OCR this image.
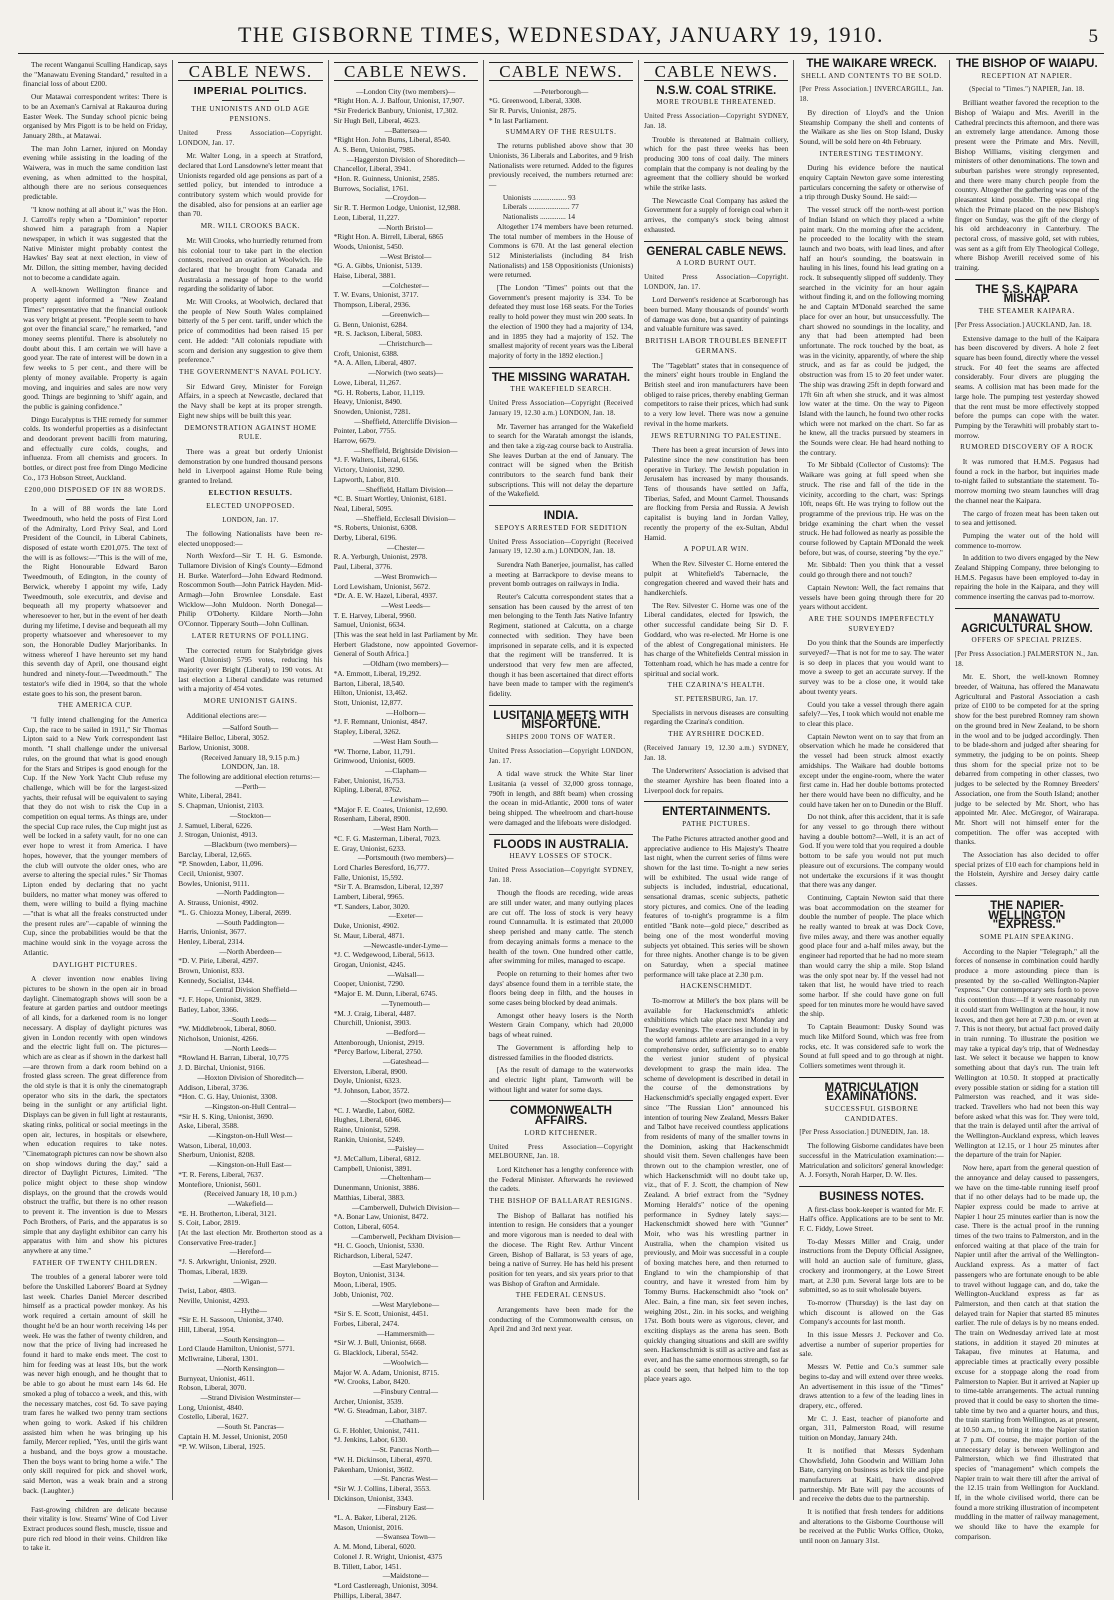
THE GISBORNE TIMES, WEDNESDAY, JANUARY 19, 1910.	5

The recent Wanganui Sculling Handicap, says the "Manawatu Evening Standard," resulted in a financial loss of about £200.

Our Matawai correspondent writes: There is to be an Axeman's Carnival at Rakauroa during Easter Week. The Sunday school picnic being organised by Mrs Pigott is to be held on Friday, January 28th., at Matawai.

The man John Larner, injured on Monday evening while assisting in the loading of the Waiwera, was in much the same condition last evening, as when admitted to the hospital, although there are no serious consequences predictable.

"I know nothing at all about it," was the Hon. J. Carroll's reply when a "Dominion" reporter showed him a paragraph from a Napier newspaper, in which it was suggested that the Native Minister might probably contest the Hawkes' Bay seat at next election, in view of Mr. Dillon, the sitting member, having decided not to become a candidate again.

A well-known Wellington finance and property agent informed a "New Zealand Times" representative that the financial outlook was very bright at present. "People seem to have got over the financial scare," he remarked, "and money seems plentiful. There is absolutely no doubt about this. I am certain we will have a good year. The rate of interest will be down in a few weeks to 5 per cent., and there will be plenty of money available. Property is again moving, and inquiries and sales are now very good. Things are beginning to 'shift' again, and the public is gaining confidence."

Dingo Eucalyptus is THE remedy for summer colds. Its wonderful properties as a disinfectant and deodorant prevent bacilli from maturing, and effectually cure colds, coughs, and influenza. From all chemists and grocers. In bottles, or direct post free from Dingo Medicine Co., 173 Hobson Street, Auckland.

£200,000 DISPOSED OF IN 88 WORDS.

In a will of 88 words the late Lord Tweedmouth, who held the posts of First Lord of the Admiralty, Lord Privy Seal, and Lord President of the Council, in Liberal Cabinets, disposed of estate worth £201,075. The text of the will is as follows:—"This is the will of me, the Right Honourable Edward Baron Tweedmouth, of Edington, in the county of Berwick, whereby I appoint my wife, Lady Tweedmouth, sole executrix, and devise and bequeath all my property whatsoever and wheresoever to her, but in the event of her death during my lifetime, I devise and bequeath all my property whatsoever and wheresoever to my son, the Honorable Dudley Marjoribanks. In witness whereof I have hereunto set my hand this seventh day of April, one thousand eight hundred and ninety-four.—Tweedmouth." The testator's wife died in 1904, so that the whole estate goes to his son, the present baron.

THE AMERICA CUP.

"I fully intend challenging for the America Cup, the race to be sailed in 1911," Sir Thomas Lipton said to a New York correspondent last month. "I shall challenge under the universal rules, on the ground that what is good enough for the Stars and Stripes is good enough for the Cup. If the New York Yacht Club refuse my challenge, which will be for the largest-sized yachts, their refusal will be equivalent to saying that they do not wish to risk the Cup in a competition on equal terms. As things are, under the special Cup race rules, the Cup might just as well be locked in a safety vault, for no one can ever hope to wrest it from America. I have hopes, however, that the younger members of the club will outvote the older ones, who are averse to altering the special rules." Sir Thomas Lipton ended by declaring that no yacht builders, no matter what money was offered to them, were willing to build a flying machine—"that is what all the freaks constructed under the present rules are"—capable of winning the Cup, since the probabilities would be that the machine would sink in the voyage across the Atlantic.

DAYLIGHT PICTURES.

A clever invention now enables living pictures to be shown in the open air in broad daylight. Cinematograph shows will soon be a feature at garden parties and outdoor meetings of all kinds, for a darkened room is no longer necessary. A display of daylight pictures was given in London recently with open windows and the electric light full on. The pictures—which are as clear as if shown in the darkest hall—are thrown from a dark room behind on a frosted glass screen. The great difference from the old style is that it is only the cinematograph operator who sits in the dark, the spectators being in the sunlight or any artificial light. Displays can be given in full light at restaurants, skating rinks, political or social meetings in the open air, lectures, in hospitals or elsewhere, when education requires to take notes. "Cinematograph pictures can now be shown also on shop windows during the day," said a director of Daylight Pictures, Limited. "The police might object to these shop window displays, on the ground that the crowds would obstruct the traffic, but there is no other reason to prevent it. The invention is due to Messrs Poch Brothers, of Paris, and the apparatus is so simple that any daylight exhibitor can carry his apparatus with him and show his pictures anywhere at any time."

FATHER OF TWENTY CHILDREN.

The troubles of a general laborer were told before the Unskilled Laborers' Board at Sydney last week. Charles Daniel Mercer described himself as a practical powder monkey. As his work required a certain amount of skill he thought he'd be an hour worth receiving 14s per week. He was the father of twenty children, and now that the price of living had increased he found it hard to make ends meet. The cost to him for feeding was at least 10s, but the work was never high enough, and he thought that to be able to go about he must earn 14s 6d. He smoked a plug of tobacco a week, and this, with the necessary matches, cost 6d. To save paying tram fares he walked two penny tram sections when going to work. Asked if his children assisted him when he was bringing up his family, Mercer replied, "Yes, until the girls want a husband, and the boys grow a moustache. Then the boys want to bring home a wife." The only skill required for pick and shovel work, said Merton, was a weak brain and a strong back. (Laughter.)

Fast-growing children are delicate because their vitality is low. Stearns' Wine of Cod Liver Extract produces sound flesh, muscle, tissue and pure rich red blood in their veins. Children like to take it.

CABLE NEWS.
IMPERIAL POLITICS.
THE UNIONISTS AND OLD AGE PENSIONS.

United Press Association—Copyright. LONDON, Jan. 17.

Mr. Walter Long, in a speech at Stratford, declared that Lord Lansdowne's letter meant that Unionists regarded old age pensions as part of a settled policy, but intended to introduce a contributory system which would provide for the disabled, also for pensions at an earlier age than 70.

MR. WILL CROOKS BACK.

Mr. Will Crooks, who hurriedly returned from his colonial tour to take part in the election contests, received an ovation at Woolwich. He declared that he brought from Canada and Australasia a message of hope to the world regarding the solidarity of labor.

Mr. Will Crooks, at Woolwich, declared that the people of New South Wales complained bitterly of the 5 per cent. tariff, under which the price of commodities had been raised 15 per cent. He added: "All colonials repudiate with scorn and derision any suggestion to give them preference."

THE GOVERNMENT'S NAVAL POLICY.

Sir Edward Grey, Minister for Foreign Affairs, in a speech at Newcastle, declared that the Navy shall be kept at its proper strength. Eight new ships will be built this year.

DEMONSTRATION AGAINST HOME RULE.

There was a great but orderly Unionist demonstration by one hundred thousand persons held in Liverpool against Home Rule being granted to Ireland.

ELECTION RESULTS.
ELECTED UNOPPOSED.

LONDON, Jan. 17.

The following Nationalists have been re-elected unopposed:—

North Wexford—Sir T. H. G. Esmonde. Tullamore Division of King's County—Edmond H. Burke. Waterford—John Edward Redmond. Roscommon South—John Patrick Hayden. Mid-Armagh—John Brownlee Lonsdale. East Wicklow—John Muldoon. North Donegal—Philip O'Doherty. Kildare North—John O'Connor. Tipperary South—John Cullinan.

LATER RETURNS OF POLLING.

The corrected return for Stalybridge gives Ward (Unionist) 5795 votes, reducing his majority over Bright (Liberal) to 190 votes. At last election a Liberal candidate was returned with a majority of 454 votes.

MORE UNIONIST GAINS.

Additional elections are:—

—Salford South—
*Hilaire Belloc, Liberal, 3052.
Barlow, Unionist, 3008.
(Received January 18, 9.15 p.m.)
LONDON, Jan. 18.
The following are additional election returns:—
—Perth—
White, Liberal, 2841.
S. Chapman, Unionist, 2103.
—Stockton—
J. Samuel, Liberal, 6226.
J. Strogan, Unionist, 4913.
—Blackburn (two members)—
Barclay, Liberal, 12,665.
*P. Snowden, Labor, 11,096.
Cecil, Unionist, 9307.
Bowles, Unionist, 9111.
—North Paddington—
A. Strauss, Unionist, 4902.
*L. G. Chiozza Money, Liberal, 2699.
—South Paddington—
Harris, Unionist, 3677.
Henley, Liberal, 2314.
—North Aberdeen—
*D. V. Pirie, Liberal, 4297.
Brown, Unionist, 833.
Kennedy, Socialist, 1344.
—Central Division Sheffield—
*J. F. Hope, Unionist, 3829.
Batley, Labor, 3366.
—South Leeds—
*W. Middlebrook, Liberal, 8060.
Nicholson, Unionist, 4266.
—North Leeds—
*Rowland H. Barran, Liberal, 10,775
J. D. Birchal, Unionist, 9166.
—Hoxton Division of Shoreditch—
Addison, Liberal, 3736.
*Hon. C. G. Hay, Unionist, 3308.
—Kingston-on-Hull Central—
*Sir H. S. King, Unionist, 3690.
Aske, Liberal, 3588.
—Kingston-on-Hull West—
Watson, Liberal, 10,003.
Sherburn, Unionist, 8208.
—Kingston-on-Hull East—
*T. R. Ferens, Liberal, 7637.
Montefiore, Unionist, 5601.
(Received January 18, 10 p.m.)
—Wakefield—
*E. H. Brotherton, Liberal, 3121.
S. Coit, Labor, 2819.
[At the last election Mr. Brotherton stood as a Conservative Free-trader.]
—Hereford—
*J. S. Arkwright, Unionist, 2920.
Thomas, Liberal, 1839.
—Wigan—
Twist, Labor, 4803.
Neville, Unionist, 4293.
—Hythe—
*Sir E. H. Sassoon, Unionist, 3740.
Hill, Liberal, 1954.
—South Kensington—
Lord Claude Hamilton, Unionist, 5771.
McIlwraine, Liberal, 1301.
—North Kensington—
Burnyeat, Unionist, 4611.
Robson, Liberal, 3070.
—Strand Division Westminster—
Long, Unionist, 4840.
Costello, Liberal, 1627.
—South St. Pancras—
Captain H. M. Jessel, Unionist, 2050
*P. W. Wilson, Liberal, 1925.
CABLE NEWS.
—London City (two members)—
*Right Hon. A. J. Balfour, Unionist, 17,907.
*Sir Frederick Banbury, Unionist, 17,302.
Sir Hugh Bell, Liberal, 4623.
—Battersea—
*Right Hon. John Burns, Liberal, 8540.
A. S. Benn, Unionist, 7985.
—Haggerston Division of Shoreditch—
Chancellor, Liberal, 3941.
*Hon. R. Guinness, Unionist, 2585.
Burrows, Socialist, 1761.
—Croydon—
Sir R. T. Hermon Lodge, Unionist, 12,988.
Leon, Liberal, 11,227.
—North Bristol—
*Right Hon. A. Birrell, Liberal, 6865
Woods, Unionist, 5450.
—West Bristol—
*G. A. Gibbs, Unionist, 5139.
Haise, Liberal, 3881.
—Colchester—
T. W. Evans, Unionist, 3717.
Thompson, Liberal, 2936.
—Greenwich—
G. Benn, Unionist, 6284.
*R. S. Jackson, Liberal, 5083.
—Christchurch—
Croft, Unionist, 6388.
*A. A. Allen, Liberal, 4807.
—Norwich (two seats)—
Lowe, Liberal, 11,267.
*G. H. Roberts, Labor, 11,119.
Heavy, Unionist, 8490.
Snowden, Unionist, 7281.
—Sheffield, Attercliffe Division—
Pointer, Labor, 7755.
Harrow, 6679.
—Sheffield, Brightside Division—
*J. F. Walters, Liberal, 6156.
Victory, Unionist, 3290.
Lapworth, Labor, 810.
—Sheffield, Hallam Division—
*C. B. Stuart Wortley, Unionist, 6181.
Neal, Liberal, 5095.
—Sheffield, Ecclesall Division—
*S. Roberts, Unionist, 6308.
Derby, Liberal, 6196.
—Chester—
R. A. Yerburgh, Unionist, 2978.
Paul, Liberal, 3776.
—West Bromwich—
Lord Lewisham, Unionist, 5672.
*Dr. A. E. W. Hazel, Liberal, 4937.
—West Leeds—
T. E. Harvey, Liberal, 9960.
Samuel, Unionist, 6634.
[This was the seat held in last Parliament by Mr. Herbert Gladstone, now appointed Governor-General of South Africa.]
—Oldham (two members)—
*A. Emmott, Liberal, 19,292.
Barton, Liberal, 18,540.
Hilton, Unionist, 13,462.
Stott, Unionist, 12,877.
—Holborn—
*J. F. Remnant, Unionist, 4847.
Stapley, Liberal, 3262.
—West Ham South—
*W. Thorne, Labor, 11,791.
Grimwood, Unionist, 6009.
—Clapham—
Faber, Unionist, 16,753.
Kipling, Liberal, 8762.
—Lewisham—
*Major F. E. Coates, Unionist, 12,690.
Rosenham, Liberal, 8900.
—West Ham North—
*C. F. G. Masterman, Liberal, 7023.
E. Gray, Unionist, 6233.
—Portsmouth (two members)—
Lord Charles Beresford, 16,777.
Falle, Unionist, 15,592.
*Sir T. A. Bramsdon, Liberal, 12,397
Lambert, Liberal, 9965.
*T. Sanders, Labor, 3020.
—Exeter—
Duke, Unionist, 4902.
St. Maur, Liberal, 4871.
—Newcastle-under-Lyme—
*J. C. Wedgewood, Liberal, 5613.
Grogan, Unionist, 4245.
—Walsall—
Cooper, Unionist, 7290.
*Major E. M. Dunn, Liberal, 6745.
—Tynemouth—
*M. J. Craig, Liberal, 4487.
Churchill, Unionist, 3903.
—Bedford—
Attenborough, Unionist, 2919.
*Percy Barlow, Liberal, 2750.
—Gateshead—
Elverston, Liberal, 8900.
Doyle, Unionist, 6323.
*J. Johnson, Labor, 3572.
—Stockport (two members)—
*C. J. Wardle, Labor, 6082.
Hughes, Liberal, 6046.
Raine, Unionist, 5298.
Rankin, Unionist, 5249.
—Paisley—
*J. McCallum, Liberal, 6812.
Campbell, Unionist, 3891.
—Cheltenham—
Dunenmann, Unionist, 3886.
Matthias, Liberal, 3883.
—Camberwell, Dulwich Division—
*A. Bonar Law, Unionist, 8472.
Cotton, Liberal, 6054.
—Camberwell, Peckham Division—
*H. C. Gooch, Unionist, 5330.
Richardson, Liberal, 5247.
—East Marylebone—
Boyton, Unionist, 3134.
Moon, Liberal, 1905.
Jobb, Unionist, 702.
—West Marylebone—
*Sir S. E. Scott, Unionist, 4451.
Forbes, Liberal, 2474.
—Hammersmith—
*Sir W. J. Bull, Unionist, 6668.
G. Blacklock, Liberal, 5542.
—Woolwich—
Major W. A. Adam, Unionist, 8715.
*W. Crooks, Labor, 8420.
—Finsbury Central—
Archer, Unionist, 3539.
*W. G. Steadman, Labor, 3187.
—Chatham—
G. F. Hohler, Unionist, 7411.
*J. Jenkins, Labor, 6130.
—St. Pancras North—
*W. H. Dickinson, Liberal, 4970.
Pakenham, Unionist, 3602.
—St. Pancras West—
*Sir W. J. Collins, Liberal, 3553.
Dickinson, Unionist, 3343.
—Finsbury East—
*L. A. Baker, Liberal, 2126.
Mason, Unionist, 2016.
—Swansea Town—
A. M. Mond, Liberal, 6020.
Colonel J. R. Wright, Unionist, 4375
B. Tillett, Labor, 1451.
—Maidstone—
*Lord Castlereagh, Unionist, 3094.
Phillips, Liberal, 3847.
CABLE NEWS.
—Peterborough—
*G. Greenwood, Liberal, 3308.
Sir R. Purvis, Unionist, 2875.
* In last Parliament.
SUMMARY OF THE RESULTS.

The returns published above show that 30 Unionists, 36 Liberals and Laborites, and 9 Irish Nationalists were returned. Added to the figures previously received, the numbers returned are:—

Unionists .................. 93
Liberals ...................... 77
Nationalists .............. 14

Altogether 174 members have been returned. The total number of members in the House of Commons is 670. At the last general election 512 Ministerialists (including 84 Irish Nationalists) and 158 Oppositionists (Unionists) were returned.

[The London "Times" points out that the Government's present majority is 334. To be defeated they must lose 168 seats. For the Tories really to hold power they must win 200 seats. In the election of 1900 they had a majority of 134, and in 1895 they had a majority of 152. The smallest majority of recent years was the Liberal majority of forty in the 1892 election.]

THE MISSING WARATAH.
THE WAKEFIELD SEARCH.

United Press Association—Copyright (Received January 19, 12.30 a.m.) LONDON, Jan. 18.

Mr. Taverner has arranged for the Wakefield to search for the Waratah amongst the islands, and then take a zig-zag course back to Australia. She leaves Durban at the end of January. The contract will be signed when the British contributors to the search fund bank their subscriptions. This will not delay the departure of the Wakefield.

INDIA.
SEPOYS ARRESTED FOR SEDITION

United Press Association—Copyright (Received January 19, 12.30 a.m.) LONDON, Jan. 18.

Surendra Nath Banerjee, journalist, has called a meeting at Barrackpore to devise means to prevent bomb outrages on railways in India.

Reuter's Calcutta correspondent states that a sensation has been caused by the arrest of ten men belonging to the Tenth Jats Native Infantry Regiment, stationed at Calcutta, on a charge connected with sedition. They have been imprisoned in separate cells, and it is expected that the regiment will be transferred. It is understood that very few men are affected, though it has been ascertained that direct efforts have been made to tamper with the regiment's fidelity.

LUSITANIA MEETS WITH MISFORTUNE.
SHIPS 2000 TONS OF WATER.

United Press Association—Copyright LONDON, Jan. 17.

A tidal wave struck the White Star liner Lusitania (a vessel of 32,000 gross tonnage, 790ft in length, and 88ft beam) when crossing the ocean in mid-Atlantic, 2000 tons of water being shipped. The wheelroom and chart-house were damaged and the lifeboats were dislodged.

FLOODS IN AUSTRALIA.
HEAVY LOSSES OF STOCK.

United Press Association—Copyright SYDNEY, Jan. 18.

Though the floods are receding, wide areas are still under water, and many outlying places are cut off. The loss of stock is very heavy round Cunnamulla. It is estimated that 20,000 sheep perished and many cattle. The stench from decaying animals forms a menace to the health of the town. One hundred other cattle, after swimming for miles, managed to escape.

People on returning to their homes after two days' absence found them in a terrible state, the floors being deep in filth, and the houses in some cases being blocked by dead animals.

Amongst other heavy losers is the North Western Grain Company, which had 20,000 bags of wheat ruined.

The Government is affording help to distressed families in the flooded districts.

[As the result of damage to the waterworks and electric light plant, Tamworth will be without light and water for some days.

COMMONWEALTH AFFAIRS.
LORD KITCHENER.

United Press Association—Copyright MELBOURNE, Jan. 18.

Lord Kitchener has a lengthy conference with the Federal Minister. Afterwards he reviewed the cadets.

THE BISHOP OF BALLARAT RESIGNS.

The Bishop of Ballarat has notified his intention to resign. He considers that a younger and more vigorous man is needed to deal with the diocese. The Right Rev. Arthur Vincent Green, Bishop of Ballarat, is 53 years of age, being a native of Surrey. He has held his present position for ten years, and six years prior to that was Bishop of Grafton and Armidale.

THE FEDERAL CENSUS.

Arrangements have been made for the conducting of the Commonwealth census, on April 2nd and 3rd next year.

CABLE NEWS.
N.S.W. COAL STRIKE.
MORE TROUBLE THREATENED.

United Press Association—Copyright SYDNEY, Jan. 18.

Trouble is threatened at Balmain colliery, which for the past three weeks has been producing 300 tons of coal daily. The miners complain that the company is not dealing by the agreement that the colliery should be worked while the strike lasts.

The Newcastle Coal Company has asked the Government for a supply of foreign coal when it arrives, the company's stock being almost exhausted.

GENERAL CABLE NEWS.
A LORD BURNT OUT.

United Press Association—Copyright. LONDON, Jan. 17.

Lord Derwent's residence at Scarborough has been burned. Many thousands of pounds' worth of damage was done, but a quantity of paintings and valuable furniture was saved.

BRITISH LABOR TROUBLES BENEFIT GERMANS.

The "Tageblatt" states that in consequence of the miners' eight hours trouble in England the British steel and iron manufacturers have been obliged to raise prices, thereby enabling German competitors to raise their prices, which had sunk to a very low level. There was now a genuine revival in the home markets.

JEWS RETURNING TO PALESTINE.

There has been a great incursion of Jews into Palestine since the new constitution has been operative in Turkey. The Jewish population in Jerusalem has increased by many thousands. Tens of thousands have settled on Jaffa, Tiberias, Safed, and Mount Carmel. Thousands are flocking from Persia and Russia. A Jewish capitalist is buying land in Jordan Valley, recently the property of the ex-Sultan, Abdul Hamid.

A POPULAR WIN.

When the Rev. Silvester C. Horne entered the pulpit at Whitefield's Tabernacle, the congregation cheered and waved their hats and handkerchiefs.

The Rev. Silvester C. Horne was one of the Liberal candidates, elected for Ipswich, the other successful candidate being Sir D. F. Goddard, who was re-elected. Mr Horne is one of the ablest of Congregational ministers. He has charge of the Whitefields Central mission in Tottenham road, which he has made a centre for spiritual and social work.

THE CZARINA'S HEALTH.

ST. PETERSBURG, Jan. 17.

Specialists in nervous diseases are consulting regarding the Czarina's condition.

THE AYRSHIRE DOCKED.

(Received January 19, 12.30 a.m.) SYDNEY, Jan. 18.

The Underwriters' Association is advised that the steamer Ayrshire has been floated into a Liverpool dock for repairs.

ENTERTAINMENTS.
PATHE PICTURES.

The Pathe Pictures attracted another good and appreciative audience to His Majesty's Theatre last night, when the current series of films were shown for the last time. To-night a new series will be exhibited. The usual wide range of subjects is included, industrial, educational, sensational dramas, scenic subjects, pathetic story pictures, and comics. One of the leading features of to-night's programme is a film entitled "Bank note—gold piece," described as being one of the most wonderful moving subjects yet obtained. This series will be shown for three nights. Another change is to be given on Saturday, when a special matinee performance will take place at 2.30 p.m.

HACKENSCHMIDT.

To-morrow at Miller's the box plans will be available for Hackenschmidt's athletic exhibitions which take place next Monday and Tuesday evenings. The exercises included in by the world famous athlete are arranged in a very comprehensive order, sufficiently so to enable the veriest junior student of physical development to grasp the main idea. The scheme of development is described in detail in the course of the demonstrations by Hackenschmidt's specially engaged expert. Ever since "The Russian Lion" announced his intention of touring New Zealand, Messrs Baker and Talbot have received countless applications from residents of many of the smaller towns in the Dominion, asking that Hackenschmidt should visit them. Seven challenges have been thrown out to the champion wrestler, one of which Hackenschmidt will no doubt take up, viz., that of F. J. Scott, the champion of New Zealand. A brief extract from the "Sydney Morning Herald's" notice of the opening performance in Sydney lately says:—Hackenschmidt showed here with "Gunner" Moir, who was his wrestling partner in Australia, when the champion visited us previously, and Moir was successful in a couple of boxing matches here, and then returned to England to win the championship of that country, and have it wrested from him by Tommy Burns. Hackenschmidt also "took on" Alec. Bain, a fine man, six feet seven inches, weighing 20st., 2in. in his socks, and weighing 17st. Both bouts were as vigorous, clever, and exciting displays as the arena has seen. Both quickly changing situations and skill are swiftly seen. Hackenschmidt is still as active and fast as ever, and has the same enormous strength, so far as could be seen, that helped him to the top place years ago.

THE WAIKARE WRECK.
SHELL AND CONTENTS TO BE SOLD.

[Per Press Association.] INVERCARGILL, Jan. 18.

By direction of Lloyd's and the Union Steamship Company the shell and contents of the Waikare as she lies on Stop Island, Dusky Sound, will be sold here on 4th February.

INTERESTING TESTIMONY.

During his evidence before the nautical enquiry Captain Newton gave some interesting particulars concerning the safety or otherwise of a trip through Dusky Sound. He said:—

The vessel struck off the north-west portion of Indian Island on which they placed a white paint mark. On the morning after the accident, he proceeded to the locality with the steam launch and two boats, with lead lines, and after half an hour's sounding, the boatswain in hauling in his lines, found his lead grating on a rock. It subsequently slipped off suddenly. They searched in the vicinity for an hour again without finding it, and on the following morning he and Captain M'Donald searched the same place for over an hour, but unsuccessfully. The chart showed no soundings in the locality, and any that had been attempted had been unfortunate. The rock touched by the boat, as was in the vicinity, apparently, of where the ship struck, and as far as could be judged, the obstruction was from 15 to 20 feet under water. The ship was drawing 25ft in depth forward and 17ft 6in aft when she struck, and it was almost low water at the time. On the way to Pigeon Island with the launch, he found two other rocks which were not marked on the chart. So far as he knew, all the tracks pursued by steamers in the Sounds were clear. He had heard nothing to the contrary.

To Mr Sibbald (Collector of Customs): The Waikare was going at full speed when she struck. The rise and fall of the tide in the vicinity, according to the chart, was: Springs 10ft, neaps 6ft. He was trying to follow out the programme of the previous trip. He was on the bridge examining the chart when the vessel struck. He had followed as nearly as possible the course followed by Captain M'Donald the week before, but was, of course, steering "by the eye."

Mr. Sibbald: Then you think that a vessel could go through there and not touch?

Captain Newton: Well, the fact remains that vessels have been going through there for 20 years without accident.

ARE THE SOUNDS IMPERFECTLY SURVEYED?

Do you think that the Sounds are imperfectly surveyed?—That is not for me to say. The water is so deep in places that you would want to move a sweep to get an accurate survey. If the survey was to be a close one, it would take about twenty years.

Could you take a vessel through there again safely?—Yes, I took which would not enable me to clear this place.

Captain Newton went on to say that from an observation which he made he considered that the vessel had been struck almost exactly amidships. The Waikare had double bottoms except under the engine-room, where the water first came in. Had her double bottoms protected her there would have been no difficulty, and he could have taken her on to Dunedin or the Bluff.

Do not think, after this accident, that it is safe for any vessel to go through there without having a double bottom?—Well, it is an act of God. If you were told that you required a double bottom to be safe you would not put much pleasure out of excursions. The company would not undertake the excursions if it was thought that there was any danger.

Continuing, Captain Newton said that there was boat accommodation on the steamer for double the number of people. The place which he really wanted to break at was Dock Cove, five miles away, and there was another equally good place four and a-half miles away, but the engineer had reported that he had no more steam than would carry the ship a mile. Stop Island was the only spot near by. If the vessel had not taken that list, he would have tried to reach some harbor. If she could have gone on full speed for ten minutes more he would have saved the ship.

To Captain Beaumont: Dusky Sound was much like Milford Sound, which was free from rocks, etc. It was considered safe to work the Sound at full speed and to go through at night. Colliers sometimes went through it.

MATRICULATION EXAMINATIONS.
SUCCESSFUL GISBORNE CANDIDATES.

[Per Press Association.] DUNEDIN, Jan. 18.

The following Gisborne candidates have been successful in the Matriculation examination:—Matriculation and solicitors' general knowledge: A. J. Forsyth, Norah Harper, D. W. Iles.

BUSINESS NOTES.

A first-class book-keeper is wanted for Mr. F. Hall's office. Applications are to be sent to Mr. F. C. Fiddy, Lowe Street.

To-day Messrs Miller and Craig, under instructions from the Deputy Official Assignee, will hold an auction sale of furniture, glass, crockery and ironmongery, at the Lowe Street mart, at 2.30 p.m. Several large lots are to be submitted, so as to suit wholesale buyers.

To-morrow (Thursday) is the last day on which discount is allowed on the Gas Company's accounts for last month.

In this issue Messrs J. Peckover and Co. advertise a number of superior properties for sale.

Messrs W. Pettie and Co.'s summer sale begins to-day and will extend over three weeks. An advertisement in this issue of the "Times" draws attention to a few of the leading lines in drapery, etc., offered.

Mr C. J. East, teacher of pianoforte and organ, 311, Palmerston Road, will resume tuition on Monday, January 24th.

It is notified that Messrs Sydenham Chowlsfield, John Goodwin and William John Bate, carrying on business as brick tile and pipe manufacturers at Kaiti, have dissolved partnership. Mr Bate will pay the accounts of and receive the debts due to the partnership.

It is notified that fresh tenders for additions and alterations to the Gisborne Courthouse will be received at the Public Works Office, Otoko, until noon on January 31st.

THE BISHOP OF WAIAPU.
RECEPTION AT NAPIER.

(Special to "Times.") NAPIER, Jan. 18.

Brilliant weather favored the reception to the Bishop of Waiapu and Mrs. Averill in the Cathedral precincts this afternoon, and there was an extremely large attendance. Among those present were the Primate and Mrs. Nevill, Bishop Williams, visiting clergymen and ministers of other denominations. The town and suburban parishes were strongly represented, and there were many church people from the country. Altogether the gathering was one of the pleasantest kind possible. The episcopal ring which the Primate placed on the new Bishop's finger on Sunday, was the gift of the clergy of his old archdeaconry in Canterbury. The pectoral cross, of massive gold, set with rubies, was sent as a gift from Ely Theological College, where Bishop Averill received some of his training.

THE S.S. KAIPARA MISHAP.
THE STEAMER KAIPARA.

[Per Press Association.] AUCKLAND, Jan. 18.

Extensive damage to the hull of the Kaipara has been discovered by divers. A hole 2 feet square has been found, directly where the vessel struck. For 40 feet the seams are affected considerably. Four divers are plugging the seams. A collision mat has been made for the large hole. The pumping test yesterday showed that the rent must be more effectively stopped before the pumps can cope with the water. Pumping by the Terawhiti will probably start to-morrow.

RUMORED DISCOVERY OF A ROCK

It was rumored that H.M.S. Pegasus had found a rock in the harbor, but inquiries made to-night failed to substantiate the statement. To-morrow morning two steam launches will drag the channel near the Kaipara.

The cargo of frozen meat has been taken out to sea and jettisoned.

Pumping the water out of the hold will commence to-morrow.

In addition to two divers engaged by the New Zealand Shipping Company, three belonging to H.M.S. Pegasus have been employed to-day in repairing the hole in the Kaipara, and they will commence inserting the canvas pad to-morrow.

MANAWATU AGRICULTURAL SHOW.
OFFERS OF SPECIAL PRIZES.

[Per Press Association.] PALMERSTON N., Jan. 18.

Mr. E. Short, the well-known Romney breeder, of Waituna, has offered the Manawatu Agricultural and Pastoral Association a cash prize of £100 to be competed for at the spring show for the best purebred Romney ram shown on the ground bred in New Zealand, to be shorn in the wool and to be judged accordingly. Then to be blade-shorn and judged after shearing for symmetry, the judging to be on points. Sheep thus shorn for the special prize not to be debarred from competing in other classes, two judges to be selected by the Romney Breeders' Association, one from the South Island; another judge to be selected by Mr. Short, who has appointed Mr. Alec. McGregor, of Wairarapa. Mr. Short will not himself enter for the competition. The offer was accepted with thanks.

The Association has also decided to offer special prizes of £10 each for champions held in the Holstein, Ayrshire and Jersey dairy cattle classes.

THE NAPIER-WELLINGTON "EXPRESS."
SOME PLAIN SPEAKING.

According to the Napier "Telegraph," all the forces of nonsense in combination could hardly produce a more astounding piece than is presented by the so-called Wellington-Napier "express." Our contemporary sets forth to prove this contention thus:—If it were reasonably run it could start from Wellington at the hour, it now leaves, and then get here at 7.30 p.m. or even at 7. This is not theory, but actual fact proved daily in train running. To illustrate the position we may take a typical day's trip, that of Wednesday last. We select it because we happen to know something about that day's run. The train left Wellington at 10.50. It stopped at practically every possible station or siding for a station till Palmerston was reached, and it was side-tracked. Travellers who had not been this way before asked what this was for. They were told, that the train is delayed until after the arrival of the Wellington-Auckland express, which leaves Wellington at 12.15, or 1 hour 25 minutes after the departure of the train for Napier.

Now here, apart from the general question of the annoyance and delay caused to passengers, we have on the time-table running itself proof that if no other delays had to be made up, the Napier express could be made to arrive at Napier 1 hour 25 minutes earlier than is now the case. There is the actual proof in the running times of the two trains to Palmerston, and in the enforced waiting at that place of the train for Napier until after the arrival of the Wellington-Auckland express. As a matter of fact passengers who are fortunate enough to be able to travel without luggage can, and do, take the Wellington-Auckland express as far as Palmerston, and then catch at that station the delayed train for Napier that started 85 minutes earlier. The rule of delays is by no means ended. The train on Wednesday arrived late at most stations, in addition it stayed 20 minutes at Takapau, five minutes at Hatuma, and appreciable times at practically every possible excuse for a stoppage along the road from Palmerston to Napier. But it arrived at Napier up to time-table arrangements. The actual running proved that it could be easy to shorten the time-table time by two and a quarter hours, and thus, the train starting from Wellington, as at present, at 10.50 a.m., to bring it into the Napier station at 7 p.m. Of course, the major portion of the unnecessary delay is between Wellington and Palmerston, which we find illustrated that species of "management" which compels the Napier train to wait there till after the arrival of the 12.15 train from Wellington for Auckland. If, in the whole civilised world, there can be found a more striking illustration of incompetent muddling in the matter of railway management, we should like to have the example for comparison.
